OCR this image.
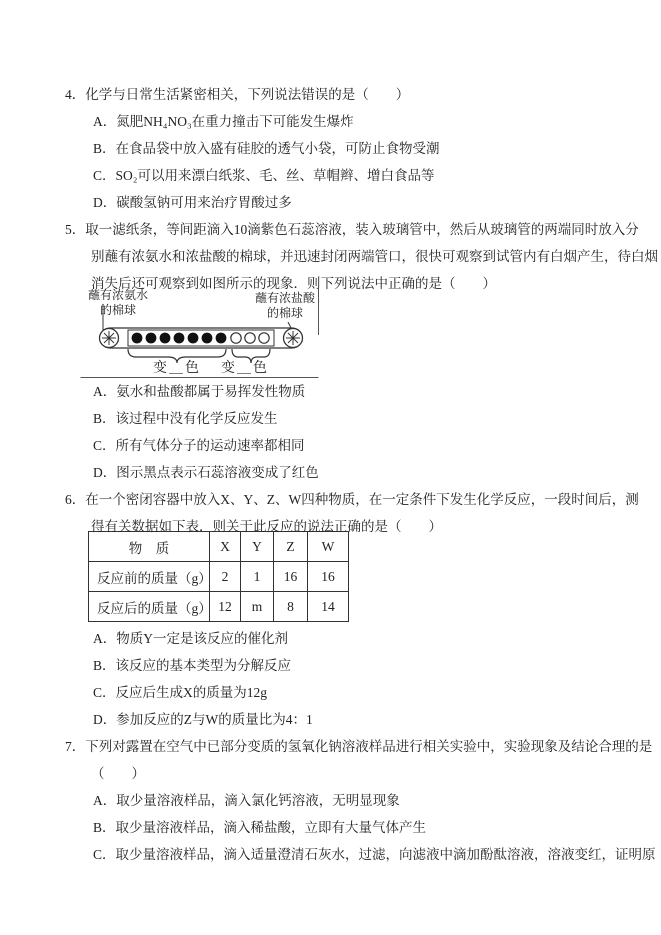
4．化学与日常生活紧密相关，下列说法错误的是（　　）
A．氮肥NH₄NO₃在重力撞击下可能发生爆炸
B．在食品袋中放入盛有硅胶的透气小袋，可防止食物受潮
C．SO₂可以用来漂白纸浆、毛、丝、草帽辫、增白食品等
D．碳酸氢钠可用来治疗胃酸过多
5．取一滤纸条，等间距滴入10滴紫色石蕊溶液，装入玻璃管中，然后从玻璃管的两端同时放入分
别蘸有浓氨水和浓盐酸的棉球，并迅速封闭两端管口，很快可观察到试管内有白烟产生，待白烟
消失后还可观察到如图所示的现象．则下列说法中正确的是（　　）
蘸有浓氨水
的棉球
蘸有浓盐酸
的棉球
变＿色	变＿色
A．氨水和盐酸都属于易挥发性物质
B．该过程中没有化学反应发生
C．所有气体分子的运动速率都相同
D．图示黑点表示石蕊溶液变成了红色
6．在一个密闭容器中放入X、Y、Z、W四种物质，在一定条件下发生化学反应，一段时间后，测
得有关数据如下表．则关于此反应的说法正确的是（　　）
物　质	X	Y	Z	W
反应前的质量（g）	2	1	16	16
反应后的质量（g）	12	m	8	14
A．物质Y一定是该反应的催化剂
B．该反应的基本类型为分解反应
C．反应后生成X的质量为12g
D．参加反应的Z与W的质量比为4：1
7．下列对露置在空气中已部分变质的氢氧化钠溶液样品进行相关实验中，实验现象及结论合理的是
（　　）
A．取少量溶液样品，滴入氯化钙溶液，无明显现象
B．取少量溶液样品，滴入稀盐酸，立即有大量气体产生
C．取少量溶液样品，滴入适量澄清石灰水，过滤，向滤液中滴加酚酞溶液，溶液变红，证明原
